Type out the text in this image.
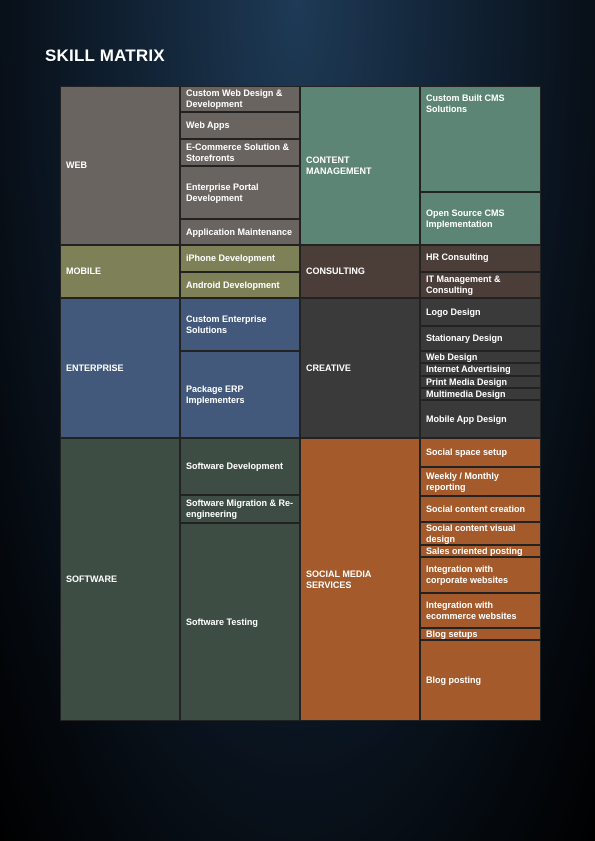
SKILL MATRIX
WEB
Custom Web Design & Development
Web Apps
E-Commerce Solution & Storefronts
Enterprise Portal Development
Application Maintenance
MOBILE
iPhone Development
Android Development
ENTERPRISE
Custom Enterprise Solutions
Package ERP Implementers
SOFTWARE
Software Development
Software Migration & Re-engineering
Software Testing
CONTENT MANAGEMENT
Custom Built CMS Solutions
Open Source CMS Implementation
CONSULTING
HR Consulting
IT Management & Consulting
CREATIVE
Logo Design
Stationary Design
Web Design
Internet Advertising
Print Media Design
Multimedia Design
Mobile App Design
SOCIAL MEDIA SERVICES
Social space setup
Weekly / Monthly reporting
Social content creation
Social content visual design
Sales oriented posting
Integration with corporate websites
Integration with ecommerce websites
Blog setups
Blog posting
